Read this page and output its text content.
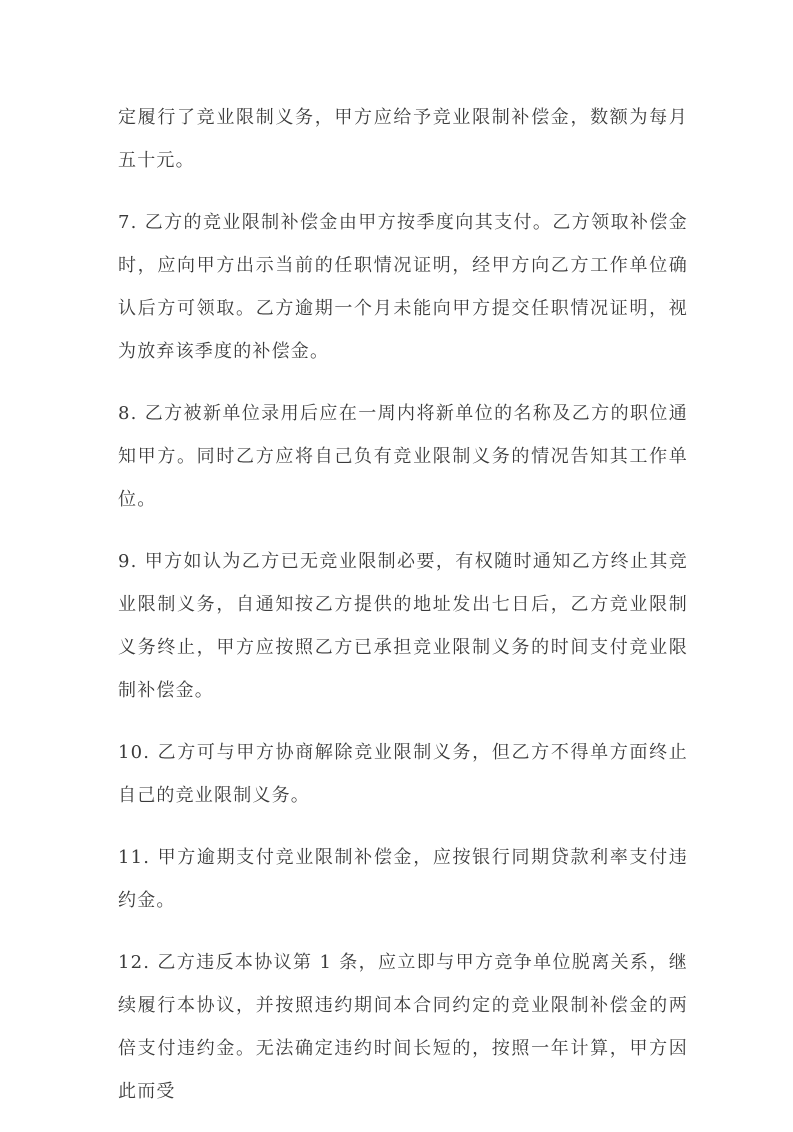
定履行了竞业限制义务，甲方应给予竞业限制补偿金，数额为每月五十元。

7. 乙方的竞业限制补偿金由甲方按季度向其支付。乙方领取补偿金时，应向甲方出示当前的任职情况证明，经甲方向乙方工作单位确认后方可领取。乙方逾期一个月未能向甲方提交任职情况证明，视为放弃该季度的补偿金。

8. 乙方被新单位录用后应在一周内将新单位的名称及乙方的职位通知甲方。同时乙方应将自己负有竞业限制义务的情况告知其工作单位。

9. 甲方如认为乙方已无竞业限制必要，有权随时通知乙方终止其竞业限制义务，自通知按乙方提供的地址发出七日后，乙方竞业限制义务终止，甲方应按照乙方已承担竞业限制义务的时间支付竞业限制补偿金。

10. 乙方可与甲方协商解除竞业限制义务，但乙方不得单方面终止自己的竞业限制义务。

11. 甲方逾期支付竞业限制补偿金，应按银行同期贷款利率支付违约金。

12. 乙方违反本协议第 1 条，应立即与甲方竞争单位脱离关系，继续履行本协议，并按照违约期间本合同约定的竞业限制补偿金的两倍支付违约金。无法确定违约时间长短的，按照一年计算，甲方因此而受
